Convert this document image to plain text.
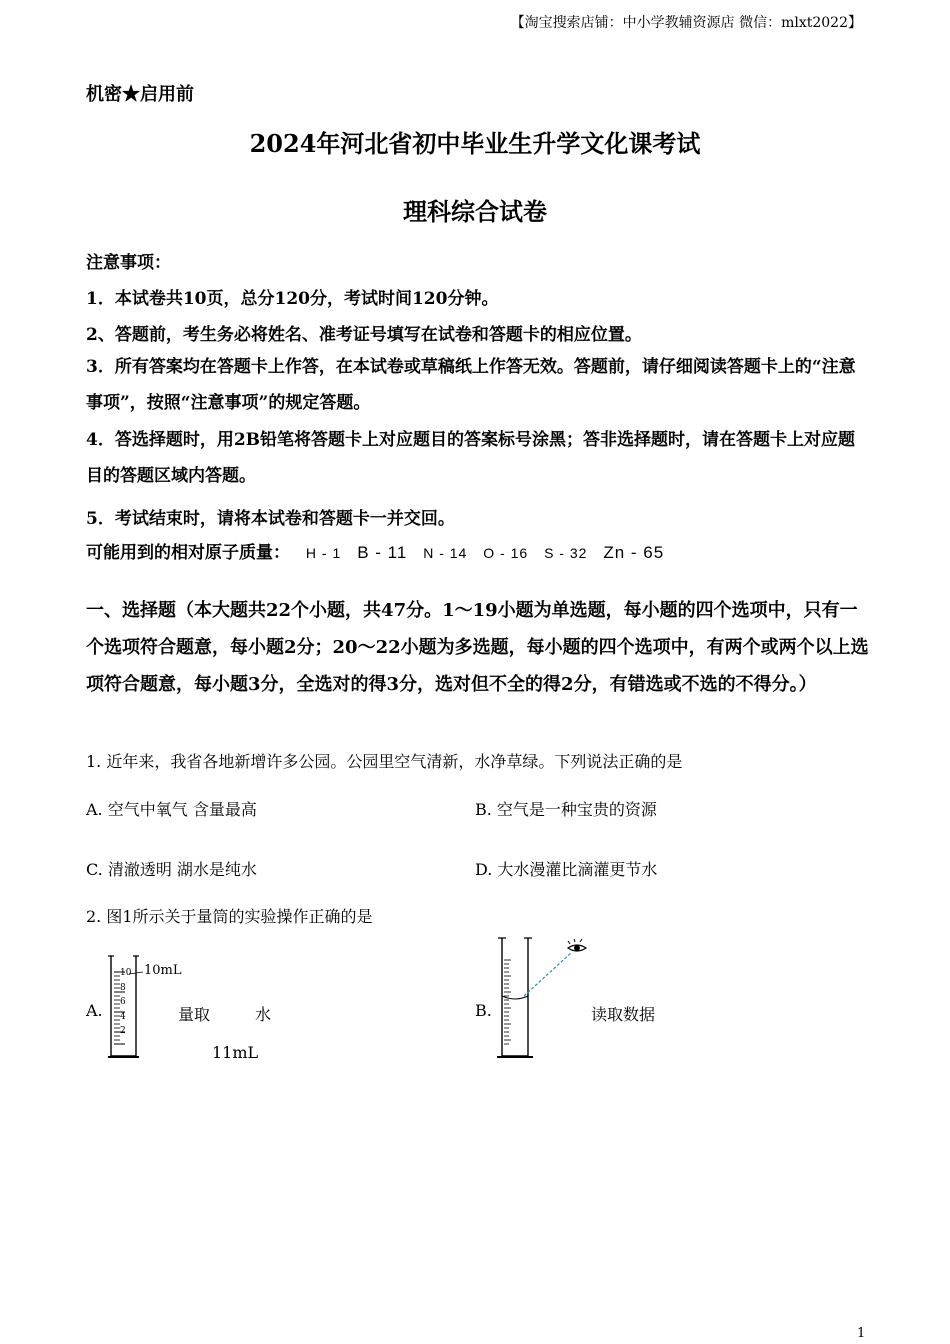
【淘宝搜索店铺：中小学教辅资源店 微信：mlxt2022】
机密★启用前
2024年河北省初中毕业生升学文化课考试
理科综合试卷
注意事项：
1．本试卷共10页，总分120分，考试时间120分钟。
2、答题前，考生务必将姓名、准考证号填写在试卷和答题卡的相应位置。
3．所有答案均在答题卡上作答，在本试卷或草稿纸上作答无效。答题前，请仔细阅读答题卡上的“注意事项”，按照“注意事项”的规定答题。
4．答选择题时，用2B铅笔将答题卡上对应题目的答案标号涂黑；答非选择题时，请在答题卡上对应题目的答题区域内答题。
5．考试结束时，请将本试卷和答题卡一并交回。
可能用到的相对原子质量： H - 1 B - 11 N - 14 O - 16 S - 32 Zn - 65
一、选择题（本大题共22个小题，共47分。1～19小题为单选题，每小题的四个选项中，只有一个选项符合题意，每小题2分；20～22小题为多选题，每小题的四个选项中，有两个或两个以上选项符合题意，每小题3分，全选对的得3分，选对但不全的得2分，有错选或不选的不得分。）
1. 近年来，我省各地新增许多公园。公园里空气清新，水净草绿。下列说法正确的是
A. 空气中氧气 含量最高	B. 空气是一种宝贵的资源
C. 清澈透明 湖水是纯水	D. 大水漫灌比滴灌更节水
2. 图1所示关于量筒的实验操作正确的是
A.
10
8
6
4
2
10mL
量取	水
11mL
B.	读取数据
1
